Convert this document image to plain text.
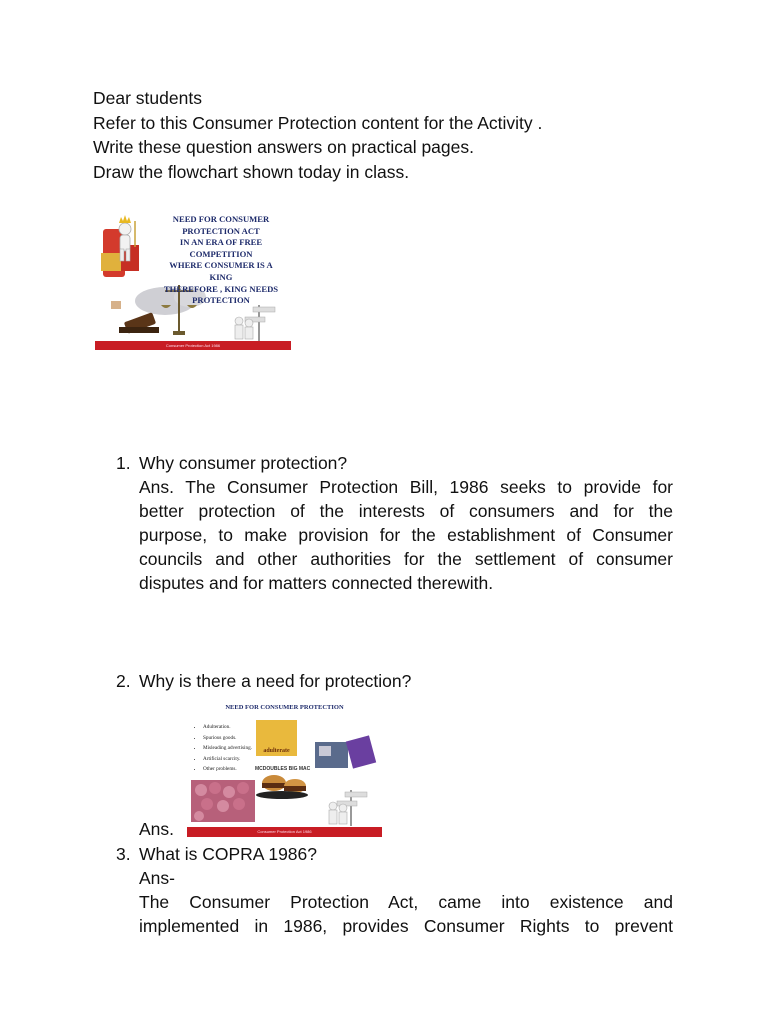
Dear students
Refer to this Consumer Protection content for the Activity .
Write these question answers on practical pages.
Draw the flowchart shown today in class.
NEED FOR CONSUMER
PROTECTION ACT
IN AN ERA OF FREE
COMPETITION
WHERE CONSUMER IS A
KING
THEREFORE , KING NEEDS
PROTECTION
Consumer Protection Act 1986
1. Why consumer protection?
Ans. The Consumer Protection Bill, 1986 seeks to provide for
better protection of the interests of consumers and for the
purpose, to make provision for the establishment of Consumer
councils and other authorities for the settlement of consumer
disputes and for matters connected therewith.
2. Why is there a need for protection?
NEED FOR CONSUMER PROTECTION
• Adulteration.
• Spurious goods.
• Misleading advertising.
• Artificial scarcity.
• Other problems.
adulterate
MCDOUBLES BIG MAC
Consumer Protection Act 1986
Ans.
3. What is COPRA 1986?
Ans-
The Consumer Protection Act, came into existence and
implemented in 1986, provides Consumer Rights to prevent
